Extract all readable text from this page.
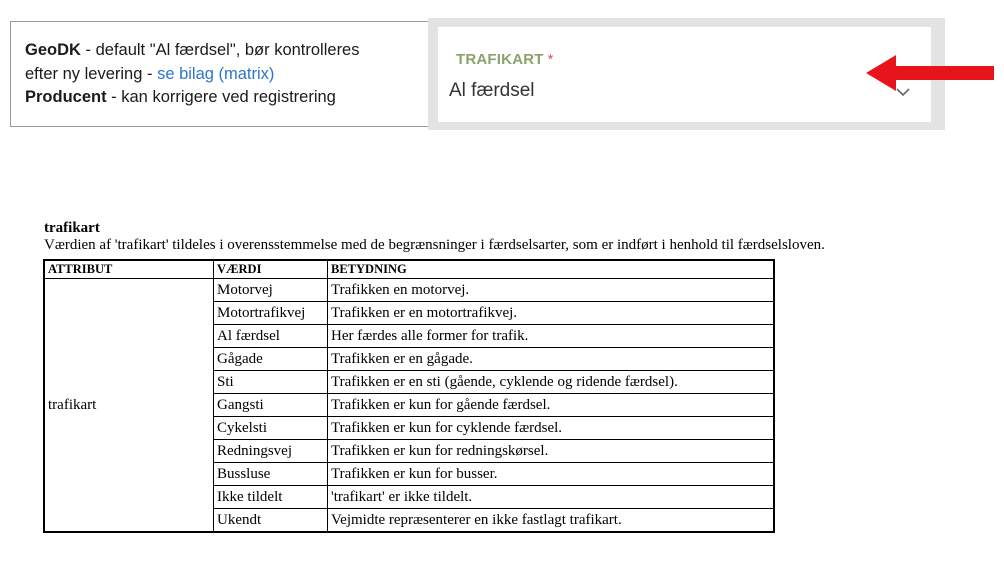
GeoDK - default "Al færdsel", bør kontrolleres
efter ny levering - se bilag (matrix)
Producent - kan korrigere ved registrering
TRAFIKART *
Al færdsel
trafikart
Værdien af 'trafikart' tildeles i overensstemmelse med de begrænsninger i færdselsarter, som er indført i henhold til færdselsloven.
ATTRIBUT	VÆRDI	BETYDNING
trafikart	Motorvej	Trafikken en motorvej.
	Motortrafikvej	Trafikken er en motortrafikvej.
	Al færdsel	Her færdes alle former for trafik.
	Gågade	Trafikken er en gågade.
	Sti	Trafikken er en sti (gående, cyklende og ridende færdsel).
	Gangsti	Trafikken er kun for gående færdsel.
	Cykelsti	Trafikken er kun for cyklende færdsel.
	Redningsvej	Trafikken er kun for redningskørsel.
	Bussluse	Trafikken er kun for busser.
	Ikke tildelt	'trafikart' er ikke tildelt.
	Ukendt	Vejmidte repræsenterer en ikke fastlagt trafikart.
